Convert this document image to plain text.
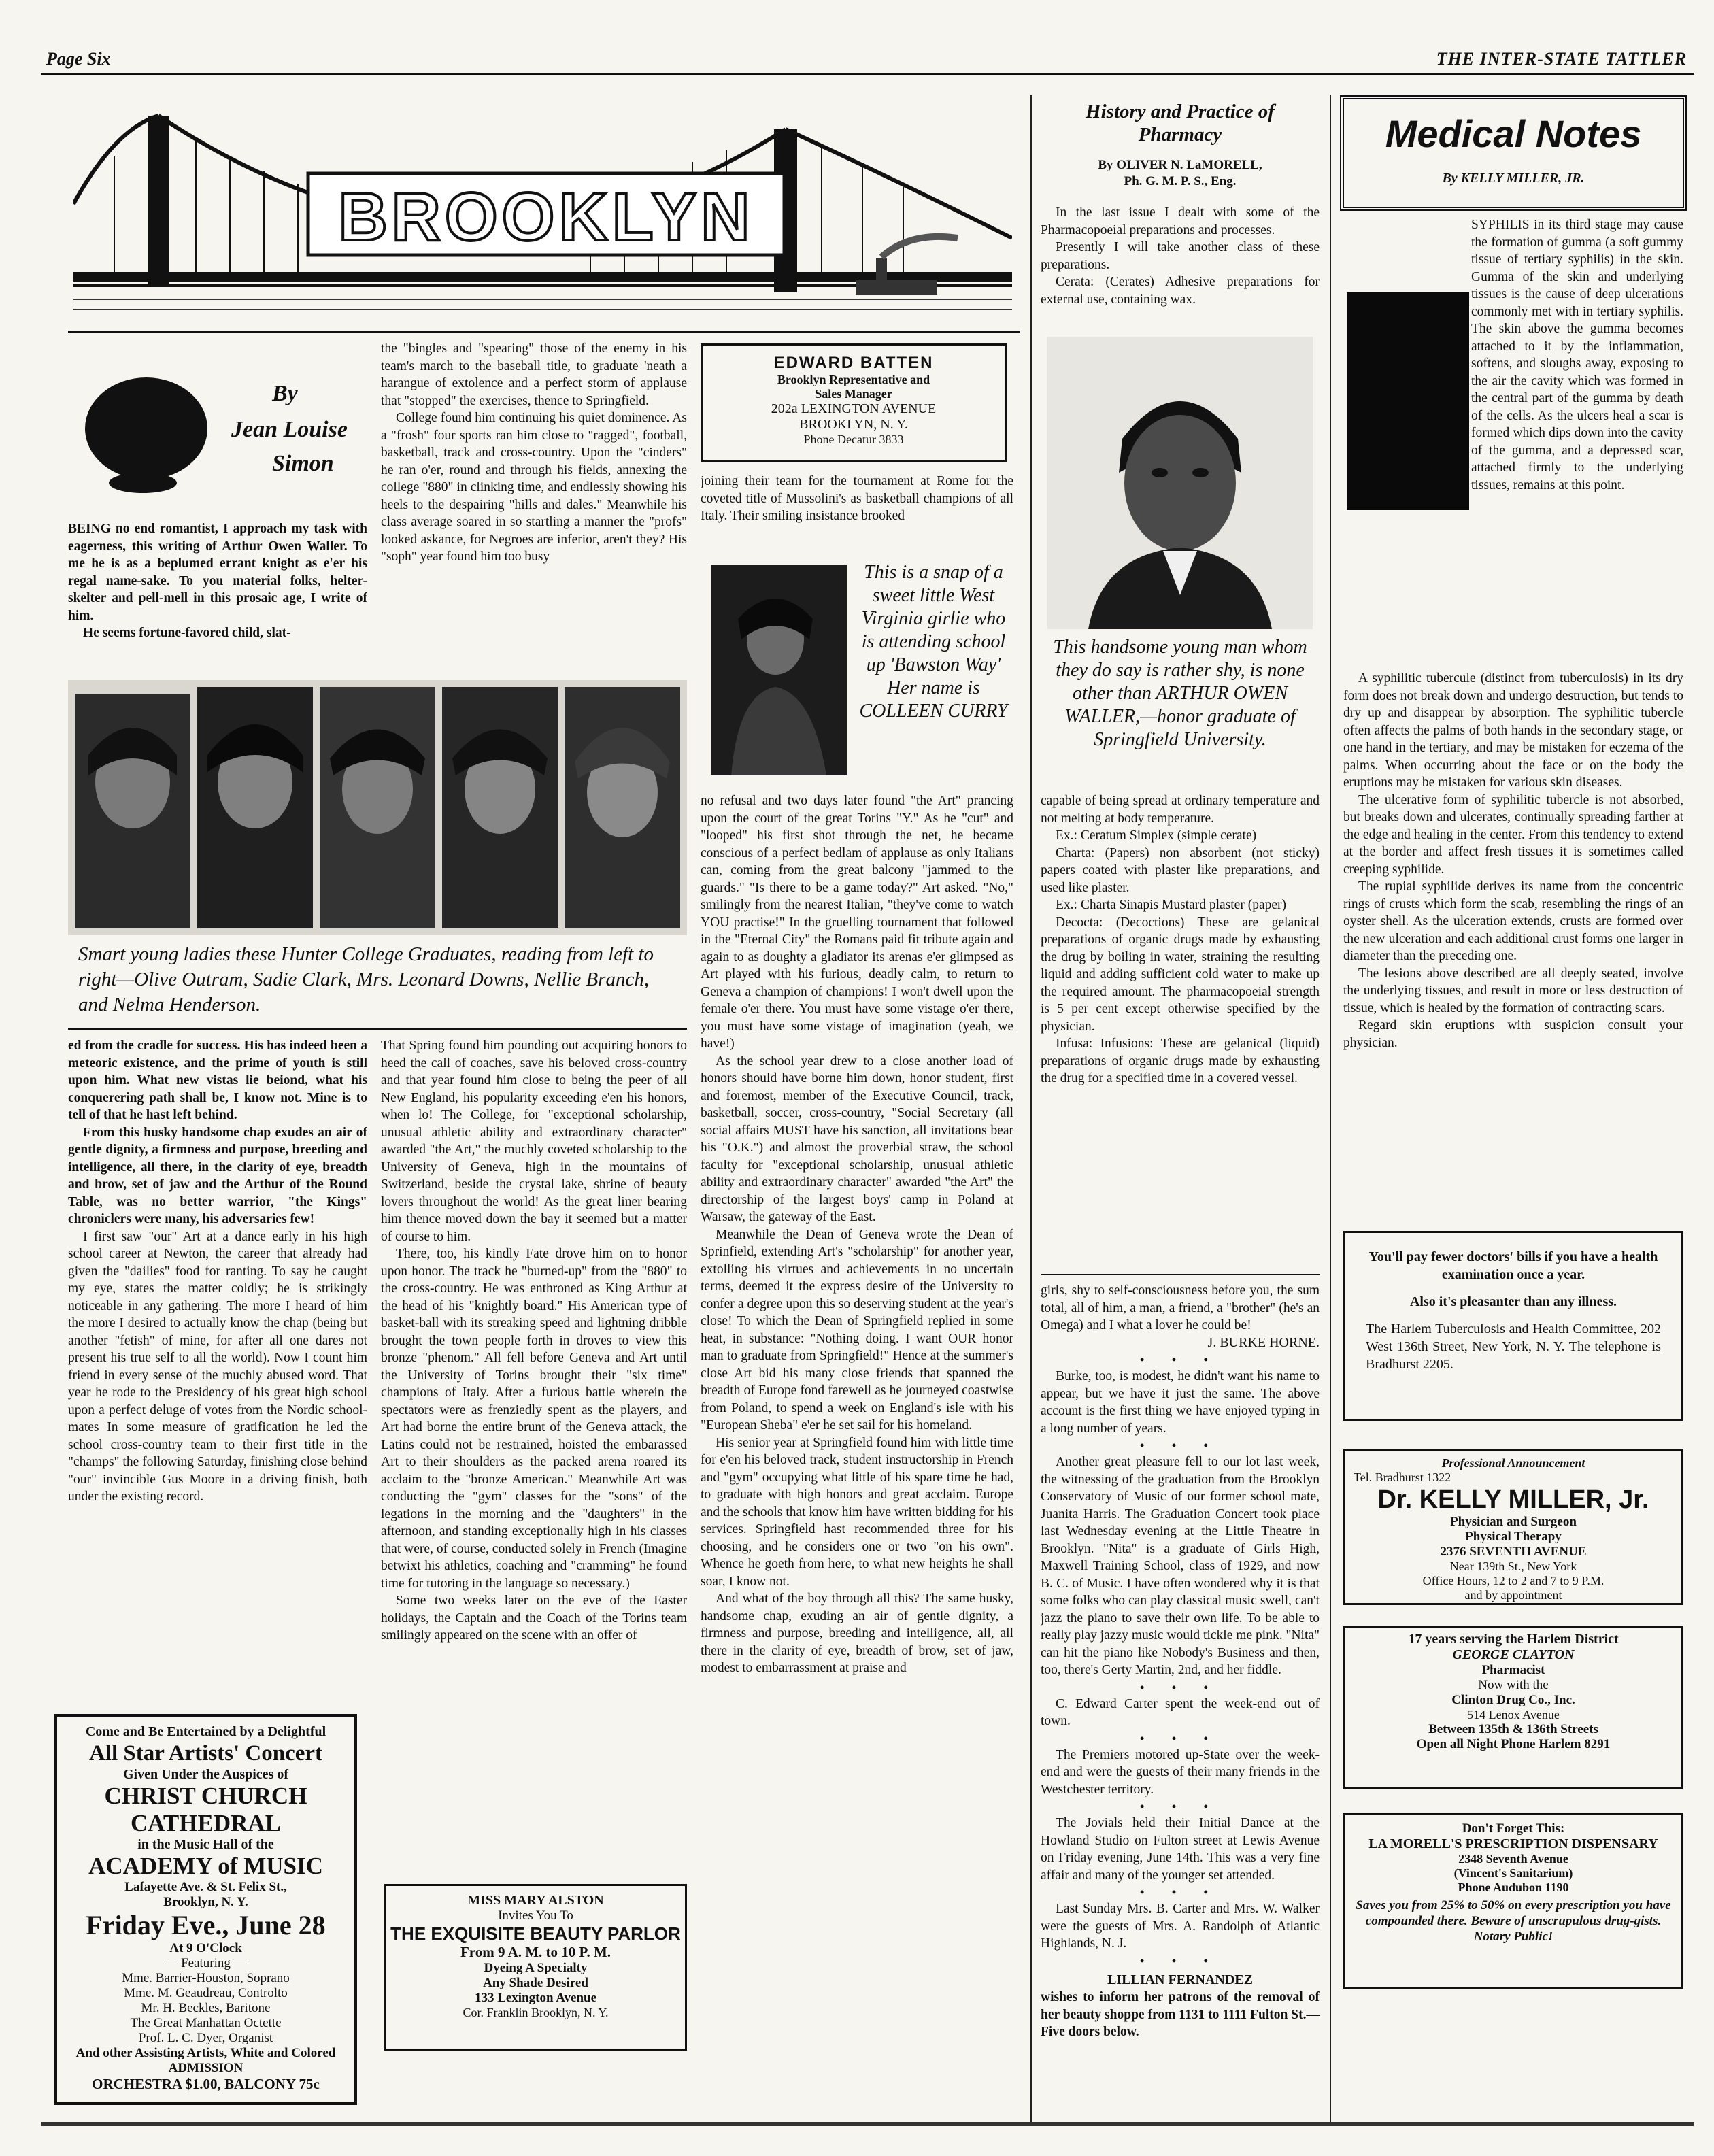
Page Six	THE INTER-STATE TATTLER
BROOKLYN
By
Jean Louise
Simon

BEING no end romantist, I approach my task with eagerness, this writing of Arthur Owen Waller. To me he is as a beplumed errant knight as e'er his regal name-sake. To you material folks, helter-skelter and pell-mell in this prosaic age, I write of him.

He seems fortune-favored child, slat-

the "bingles and "spearing" those of the enemy in his team's march to the baseball title, to graduate 'neath a harangue of extolence and a perfect storm of applause that "stopped" the exercises, thence to Springfield.

College found him continuing his quiet dominence. As a "frosh" four sports ran him close to "ragged", football, basketball, track and cross-country. Upon the "cinders" he ran o'er, round and through his fields, annexing the college "880" in clinking time, and endlessly showing his heels to the despairing "hills and dales." Meanwhile his class average soared in so startling a manner the "profs" looked askance, for Negroes are inferior, aren't they? His "soph" year found him too busy

EDWARD BATTEN
Brooklyn Representative and
Sales Manager
202a LEXINGTON AVENUE
BROOKLYN, N. Y.
Phone Decatur 3833

joining their team for the tournament at Rome for the coveted title of Mussolini's as basketball champions of all Italy. Their smiling insistance brooked

This is a snap of a sweet little West Virginia girlie who is attending school up 'Bawston Way' Her name is COLLEEN CURRY
Smart young ladies these Hunter College Graduates, reading from left to right—Olive Outram, Sadie Clark, Mrs. Leonard Downs, Nellie Branch, and Nelma Henderson.

ed from the cradle for success. His has indeed been a meteoric existence, and the prime of youth is still upon him. What new vistas lie beiond, what his conquerering path shall be, I know not. Mine is to tell of that he hast left behind.

From this husky handsome chap exudes an air of gentle dignity, a firmness and purpose, breeding and intelligence, all there, in the clarity of eye, breadth and brow, set of jaw and the Arthur of the Round Table, was no better warrior, "the Kings" chroniclers were many, his adversaries few!

I first saw "our" Art at a dance early in his high school career at Newton, the career that already had given the "dailies" food for ranting. To say he caught my eye, states the matter coldly; he is strikingly noticeable in any gathering. The more I heard of him the more I desired to actually know the chap (being but another "fetish" of mine, for after all one dares not present his true self to all the world). Now I count him friend in every sense of the muchly abused word. That year he rode to the Presidency of his great high school upon a perfect deluge of votes from the Nordic school-mates In some measure of gratification he led the school cross-country team to their first title in the "champs" the following Saturday, finishing close behind "our" invincible Gus Moore in a driving finish, both under the existing record.

That Spring found him pounding out acquiring honors to heed the call of coaches, save his beloved cross-country and that year found him close to being the peer of all New England, his popularity exceeding e'en his honors, when lo! The College, for "exceptional scholarship, unusual athletic ability and extraordinary character" awarded "the Art," the muchly coveted scholarship to the University of Geneva, high in the mountains of Switzerland, beside the crystal lake, shrine of beauty lovers throughout the world! As the great liner bearing him thence moved down the bay it seemed but a matter of course to him.

There, too, his kindly Fate drove him on to honor upon honor. The track he "burned-up" from the "880" to the cross-country. He was enthroned as King Arthur at the head of his "knightly board." His American type of basket-ball with its streaking speed and lightning dribble brought the town people forth in droves to view this bronze "phenom." All fell before Geneva and Art until the University of Torins brought their "six time" champions of Italy. After a furious battle wherein the spectators were as frenziedly spent as the players, and Art had borne the entire brunt of the Geneva attack, the Latins could not be restrained, hoisted the embarassed Art to their shoulders as the packed arena roared its acclaim to the "bronze American." Meanwhile Art was conducting the "gym" classes for the "sons" of the legations in the morning and the "daughters" in the afternoon, and standing exceptionally high in his classes that were, of course, conducted solely in French (Imagine betwixt his athletics, coaching and "cramming" he found time for tutoring in the language so necessary.)

Some two weeks later on the eve of the Easter holidays, the Captain and the Coach of the Torins team smilingly appeared on the scene with an offer of

no refusal and two days later found "the Art" prancing upon the court of the great Torins "Y." As he "cut" and "looped" his first shot through the net, he became conscious of a perfect bedlam of applause as only Italians can, coming from the great balcony "jammed to the guards." "Is there to be a game today?" Art asked. "No," smilingly from the nearest Italian, "they've come to watch YOU practise!" In the gruelling tournament that followed in the "Eternal City" the Romans paid fit tribute again and again to as doughty a gladiator its arenas e'er glimpsed as Art played with his furious, deadly calm, to return to Geneva a champion of champions! I won't dwell upon the female o'er there. You must have some vistage o'er there, you must have some vistage of imagination (yeah, we have!)

As the school year drew to a close another load of honors should have borne him down, honor student, first and foremost, member of the Executive Council, track, basketball, soccer, cross-country, "Social Secretary (all social affairs MUST have his sanction, all invitations bear his "O.K.") and almost the proverbial straw, the school faculty for "exceptional scholarship, unusual athletic ability and extraordinary character" awarded "the Art" the directorship of the largest boys' camp in Poland at Warsaw, the gateway of the East.

Meanwhile the Dean of Geneva wrote the Dean of Sprinfield, extending Art's "scholarship" for another year, extolling his virtues and achievements in no uncertain terms, deemed it the express desire of the University to confer a degree upon this so deserving student at the year's close! To which the Dean of Springfield replied in some heat, in substance: "Nothing doing. I want OUR honor man to graduate from Springfield!" Hence at the summer's close Art bid his many close friends that spanned the breadth of Europe fond farewell as he journeyed coastwise from Poland, to spend a week on England's isle with his "European Sheba" e'er he set sail for his homeland.

His senior year at Springfield found him with little time for e'en his beloved track, student instructorship in French and "gym" occupying what little of his spare time he had, to graduate with high honors and great acclaim. Europe and the schools that know him have written bidding for his services. Springfield hast recommended three for his choosing, and he considers one or two "on his own". Whence he goeth from here, to what new heights he shall soar, I know not.

And what of the boy through all this? The same husky, handsome chap, exuding an air of gentle dignity, a firmness and purpose, breeding and intelligence, all, all there in the clarity of eye, breadth of brow, set of jaw, modest to embarrassment at praise and

Come and Be Entertained by a Delightful
All Star Artists' Concert
Given Under the Auspices of
CHRIST CHURCH
CATHEDRAL
in the Music Hall of the
ACADEMY of MUSIC
Lafayette Ave. & St. Felix St.,
Brooklyn, N. Y.
Friday Eve., June 28
At 9 O'Clock
— Featuring —
Mme. Barrier-Houston, Soprano
Mme. M. Geaudreau, Controlto
Mr. H. Beckles, Baritone
The Great Manhattan Octette
Prof. L. C. Dyer, Organist
And other Assisting Artists, White and Colored
ADMISSION
ORCHESTRA $1.00, BALCONY 75c
MISS MARY ALSTON
Invites You To
THE EXQUISITE BEAUTY PARLOR
From 9 A. M. to 10 P. M.
Dyeing A Specialty
Any Shade Desired
133 Lexington Avenue
Cor. Franklin Brooklyn, N. Y.
History and Practice of
Pharmacy
By OLIVER N. LaMORELL,
Ph. G. M. P. S., Eng.

In the last issue I dealt with some of the Pharmacopoeial preparations and processes.

Presently I will take another class of these preparations.

Cerata: (Cerates) Adhesive preparations for external use, containing wax.

This handsome young man whom they do say is rather shy, is none other than ARTHUR OWEN WALLER,—honor graduate of Springfield University.

capable of being spread at ordinary temperature and not melting at body temperature.

Ex.: Ceratum Simplex (simple cerate)

Charta: (Papers) non absorbent (not sticky) papers coated with plaster like preparations, and used like plaster.

Ex.: Charta Sinapis Mustard plaster (paper)

Decocta: (Decoctions) These are gelanical preparations of organic drugs made by exhausting the drug by boiling in water, straining the resulting liquid and adding sufficient cold water to make up the required amount. The pharmacopoeial strength is 5 per cent except otherwise specified by the physician.

Infusa: Infusions: These are gelanical (liquid) preparations of organic drugs made by exhausting the drug for a specified time in a covered vessel.

girls, shy to self-consciousness before you, the sum total, all of him, a man, a friend, a "brother" (he's an Omega) and I what a lover he could be!

J. BURKE HORNE.
• • •

Burke, too, is modest, he didn't want his name to appear, but we have it just the same. The above account is the first thing we have enjoyed typing in a long number of years.

• • •

Another great pleasure fell to our lot last week, the witnessing of the graduation from the Brooklyn Conservatory of Music of our former school mate, Juanita Harris. The Graduation Concert took place last Wednesday evening at the Little Theatre in Brooklyn. "Nita" is a graduate of Girls High, Maxwell Training School, class of 1929, and now B. C. of Music. I have often wondered why it is that some folks who can play classical music swell, can't jazz the piano to save their own life. To be able to really play jazzy music would tickle me pink. "Nita" can hit the piano like Nobody's Business and then, too, there's Gerty Martin, 2nd, and her fiddle.

• • •

C. Edward Carter spent the week-end out of town.

• • •

The Premiers motored up-State over the week-end and were the guests of their many friends in the Westchester territory.

• • •

The Jovials held their Initial Dance at the Howland Studio on Fulton street at Lewis Avenue on Friday evening, June 14th. This was a very fine affair and many of the younger set attended.

• • •

Last Sunday Mrs. B. Carter and Mrs. W. Walker were the guests of Mrs. A. Randolph of Atlantic Highlands, N. J.

• • •
LILLIAN FERNANDEZ

wishes to inform her patrons of the removal of her beauty shoppe from 1131 to 1111 Fulton St.—Five doors below.

Medical Notes
By KELLY MILLER, JR.

SYPHILIS in its third stage may cause the formation of gumma (a soft gummy tissue of tertiary syphilis) in the skin. Gumma of the skin and underlying tissues is the cause of deep ulcerations commonly met with in tertiary syphilis. The skin above the gumma becomes attached to it by the inflammation, softens, and sloughs away, exposing to the air the cavity which was formed in the central part of the gumma by death of the cells. As the ulcers heal a scar is formed which dips down into the cavity of the gumma, and a depressed scar, attached firmly to the underlying tissues, remains at this point.

A syphilitic tubercule (distinct from tuberculosis) in its dry form does not break down and undergo destruction, but tends to dry up and disappear by absorption. The syphilitic tubercle often affects the palms of both hands in the secondary stage, or one hand in the tertiary, and may be mistaken for eczema of the palms. When occurring about the face or on the body the eruptions may be mistaken for various skin diseases.

The ulcerative form of syphilitic tubercle is not absorbed, but breaks down and ulcerates, continually spreading farther at the edge and healing in the center. From this tendency to extend at the border and affect fresh tissues it is sometimes called creeping syphilide.

The rupial syphilide derives its name from the concentric rings of crusts which form the scab, resembling the rings of an oyster shell. As the ulceration extends, crusts are formed over the new ulceration and each additional crust forms one larger in diameter than the preceding one.

The lesions above described are all deeply seated, involve the underlying tissues, and result in more or less destruction of tissue, which is healed by the formation of contracting scars.

Regard skin eruptions with suspicion—consult your physician.

You'll pay fewer doctors' bills if you have a health examination once a year.
Also it's pleasanter than any illness.
The Harlem Tuberculosis and Health Committee, 202 West 136th Street, New York, N. Y. The telephone is Bradhurst 2205.
Professional Announcement
Tel. Bradhurst 1322
Dr. KELLY MILLER, Jr.
Physician and Surgeon
Physical Therapy
2376 SEVENTH AVENUE
Near 139th St., New York
Office Hours, 12 to 2 and 7 to 9 P.M.
and by appointment
17 years serving the Harlem District
GEORGE CLAYTON
Pharmacist
Now with the
Clinton Drug Co., Inc.
514 Lenox Avenue
Between 135th & 136th Streets
Open all Night Phone Harlem 8291
Don't Forget This:
LA MORELL'S PRESCRIPTION DISPENSARY
2348 Seventh Avenue
(Vincent's Sanitarium)
Phone Audubon 1190
Saves you from 25% to 50% on every prescription you have compounded there. Beware of unscrupulous drug-gists. Notary Public!
